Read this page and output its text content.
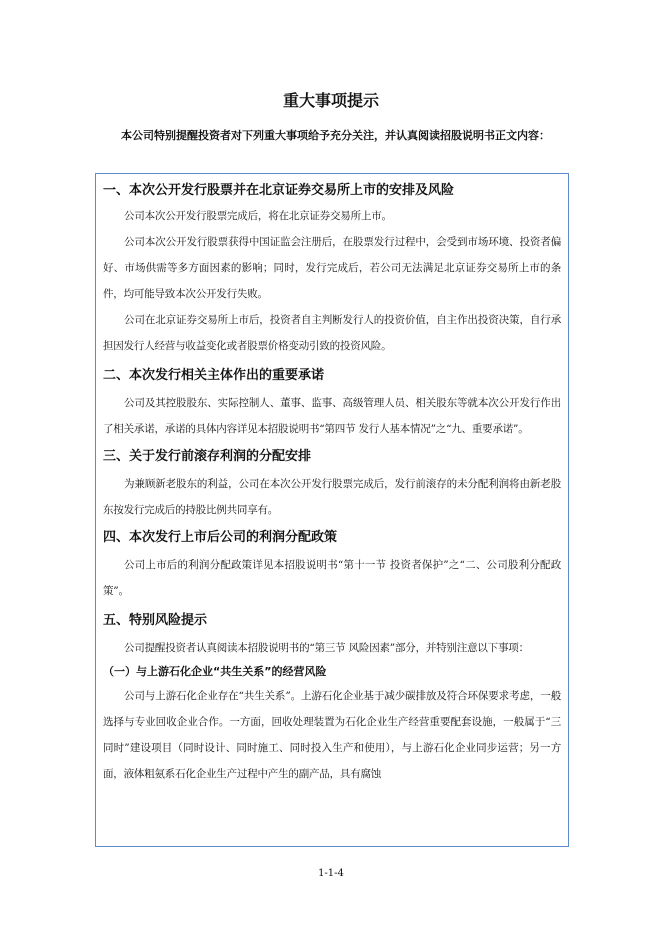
重大事项提示
本公司特别提醒投资者对下列重大事项给予充分关注，并认真阅读招股说明书正文内容：
一、本次公开发行股票并在北京证券交易所上市的安排及风险

公司本次公开发行股票完成后，将在北京证券交易所上市。

公司本次公开发行股票获得中国证监会注册后，在股票发行过程中，会受到市场环境、投资者偏好、市场供需等多方面因素的影响；同时，发行完成后，若公司无法满足北京证券交易所上市的条件，均可能导致本次公开发行失败。

公司在北京证券交易所上市后，投资者自主判断发行人的投资价值，自主作出投资决策，自行承担因发行人经营与收益变化或者股票价格变动引致的投资风险。

二、本次发行相关主体作出的重要承诺

公司及其控股股东、实际控制人、董事、监事、高级管理人员、相关股东等就本次公开发行作出了相关承诺，承诺的具体内容详见本招股说明书“第四节 发行人基本情况”之“九、重要承诺”。

三、关于发行前滚存利润的分配安排

为兼顾新老股东的利益，公司在本次公开发行股票完成后，发行前滚存的未分配利润将由新老股东按发行完成后的持股比例共同享有。

四、本次发行上市后公司的利润分配政策

公司上市后的利润分配政策详见本招股说明书“第十一节 投资者保护”之“二、公司股利分配政策”。

五、特别风险提示

公司提醒投资者认真阅读本招股说明书的“第三节 风险因素”部分，并特别注意以下事项：

（一）与上游石化企业“共生关系”的经营风险

公司与上游石化企业存在“共生关系”。上游石化企业基于减少碳排放及符合环保要求考虑，一般选择与专业回收企业合作。一方面，回收处理装置为石化企业生产经营重要配套设施，一般属于“三同时”建设项目（同时设计、同时施工、同时投入生产和使用），与上游石化企业同步运营；另一方面，液体粗氨系石化企业生产过程中产生的副产品，具有腐蚀

1-1-4
